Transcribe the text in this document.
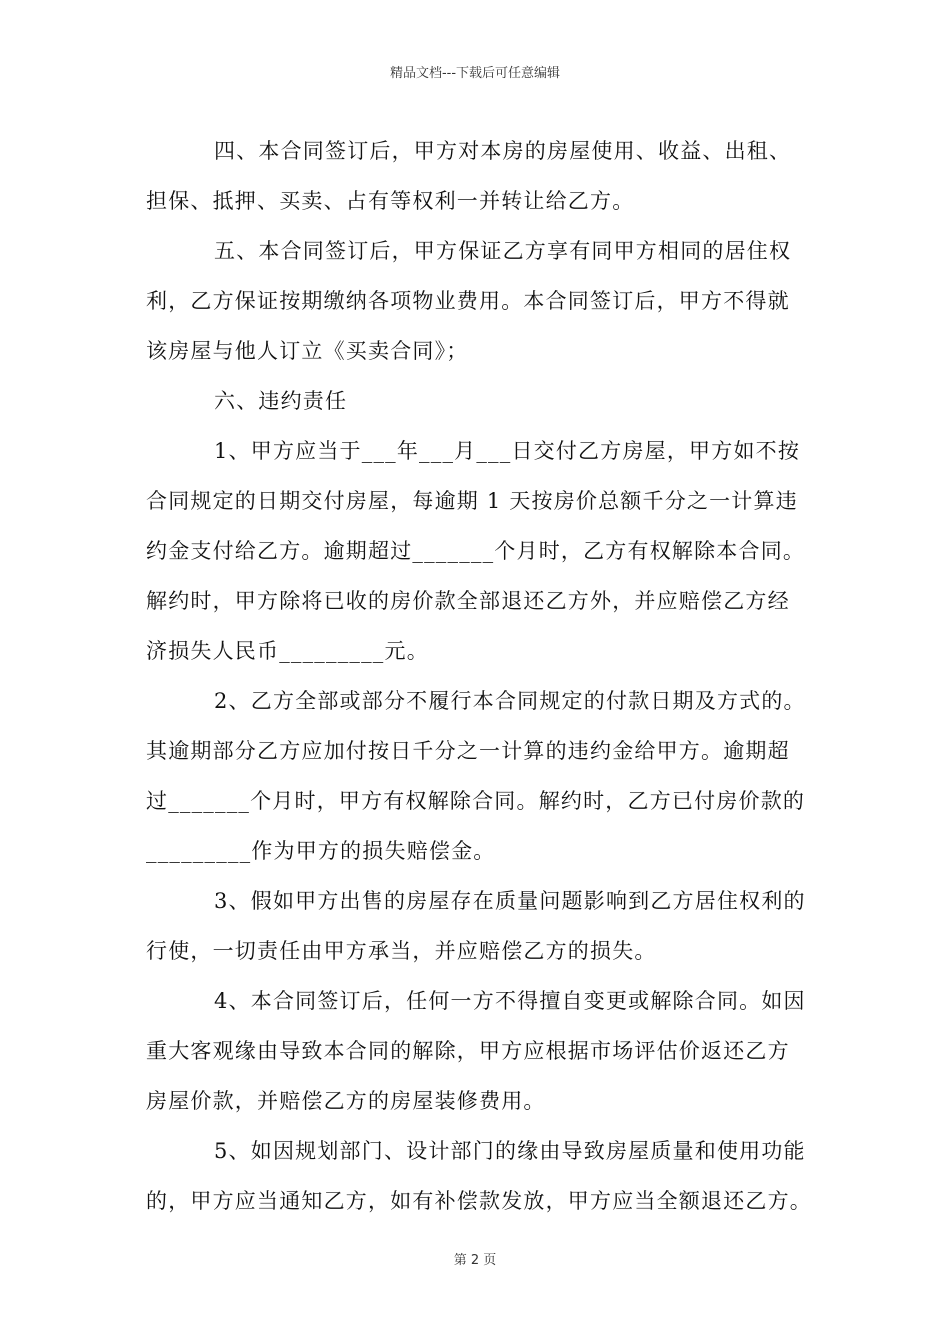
精品文档---下载后可任意编辑
四、本合同签订后，甲方对本房的房屋使用、收益、出租、
担保、抵押、买卖、占有等权利一并转让给乙方。
五、本合同签订后，甲方保证乙方享有同甲方相同的居住权
利，乙方保证按期缴纳各项物业费用。本合同签订后，甲方不得就
该房屋与他人订立《买卖合同》；
六、违约责任
1、甲方应当于___年___月___日交付乙方房屋，甲方如不按
合同规定的日期交付房屋，每逾期 1 天按房价总额千分之一计算违
约金支付给乙方。逾期超过_______个月时，乙方有权解除本合同。
解约时，甲方除将已收的房价款全部退还乙方外，并应赔偿乙方经
济损失人民币_________元。
2、乙方全部或部分不履行本合同规定的付款日期及方式的。
其逾期部分乙方应加付按日千分之一计算的违约金给甲方。逾期超
过_______个月时，甲方有权解除合同。解约时，乙方已付房价款的
_________作为甲方的损失赔偿金。
3、假如甲方出售的房屋存在质量问题影响到乙方居住权利的
行使，一切责任由甲方承当，并应赔偿乙方的损失。
4、本合同签订后，任何一方不得擅自变更或解除合同。如因
重大客观缘由导致本合同的解除，甲方应根据市场评估价返还乙方
房屋价款，并赔偿乙方的房屋装修费用。
5、如因规划部门、设计部门的缘由导致房屋质量和使用功能
的，甲方应当通知乙方，如有补偿款发放，甲方应当全额退还乙方。
第 2 页
